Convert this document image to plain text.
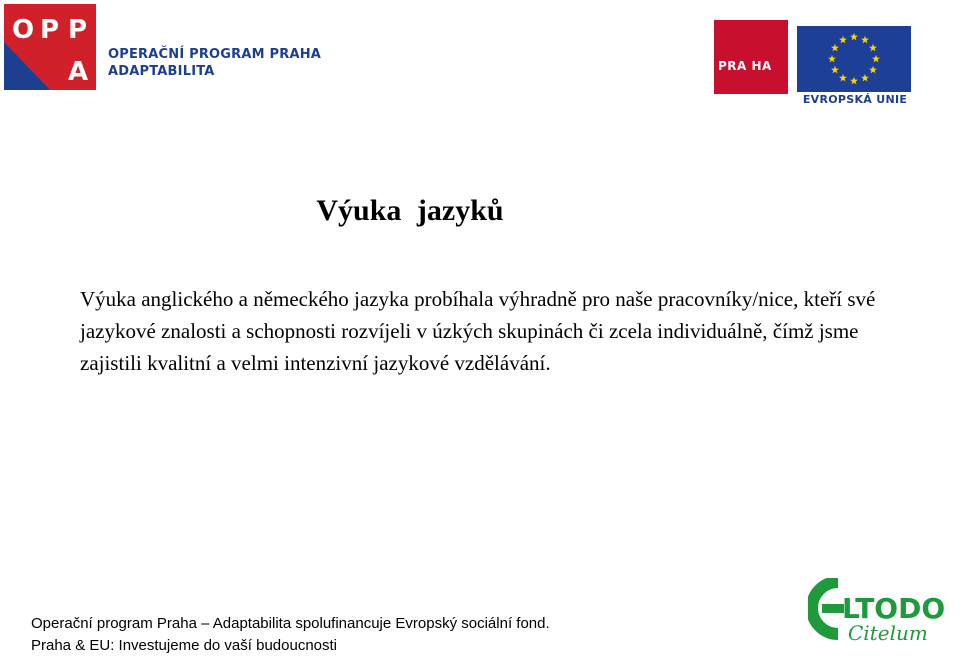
O P P
A
OPERAČNÍ PROGRAM PRAHA
ADAPTABILITA

	PRA HA

PRA GUE

PRA GA

PRA G

EVROPSKÁ UNIE
Výuka jazyků
Výuka anglického a německého jazyka probíhala výhradně pro naše pracovníky/nice, kteří své jazykové znalosti a schopnosti rozvíjeli v úzkých skupinách či zcela individuálně, čímž jsme zajistili kvalitní a velmi intenzivní jazykové vzdělávání.
Operační program Praha – Adaptabilita spolufinancuje Evropský sociální fond.
Praha & EU: Investujeme do vaší budoucnosti
LTODO
Citelum
